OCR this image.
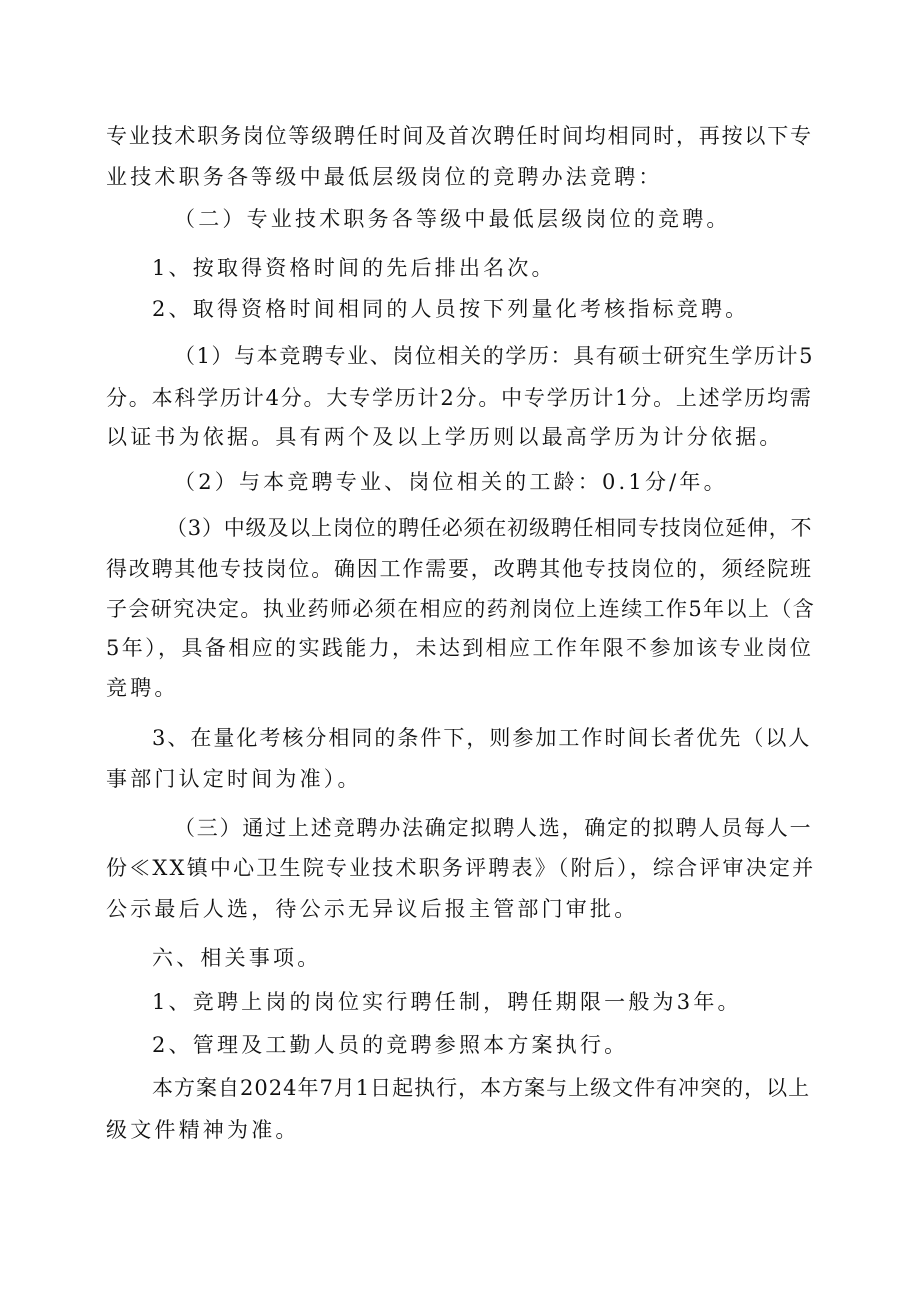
专业技术职务岗位等级聘任时间及首次聘任时间均相同时，再按以下专

业技术职务各等级中最低层级岗位的竞聘办法竞聘：

（二）专业技术职务各等级中最低层级岗位的竞聘。

1、按取得资格时间的先后排出名次。

2、取得资格时间相同的人员按下列量化考核指标竞聘。

（1）与本竞聘专业、岗位相关的学历：具有硕士研究生学历计5

分。本科学历计4分。大专学历计2分。中专学历计1分。上述学历均需

以证书为依据。具有两个及以上学历则以最高学历为计分依据。

（2）与本竞聘专业、岗位相关的工龄：0.1分/年。

（3）中级及以上岗位的聘任必须在初级聘任相同专技岗位延伸，不

得改聘其他专技岗位。确因工作需要，改聘其他专技岗位的，须经院班

子会研究决定。执业药师必须在相应的药剂岗位上连续工作5年以上（含

5年），具备相应的实践能力，未达到相应工作年限不参加该专业岗位

竞聘。

3、在量化考核分相同的条件下，则参加工作时间长者优先（以人

事部门认定时间为准）。

（三）通过上述竞聘办法确定拟聘人选，确定的拟聘人员每人一

份≪XX镇中心卫生院专业技术职务评聘表》（附后），综合评审决定并

公示最后人选，待公示无异议后报主管部门审批。

六、相关事项。

1、竞聘上岗的岗位实行聘任制，聘任期限一般为3年。

2、管理及工勤人员的竞聘参照本方案执行。

本方案自2024年7月1日起执行，本方案与上级文件有冲突的，以上

级文件精神为准。
